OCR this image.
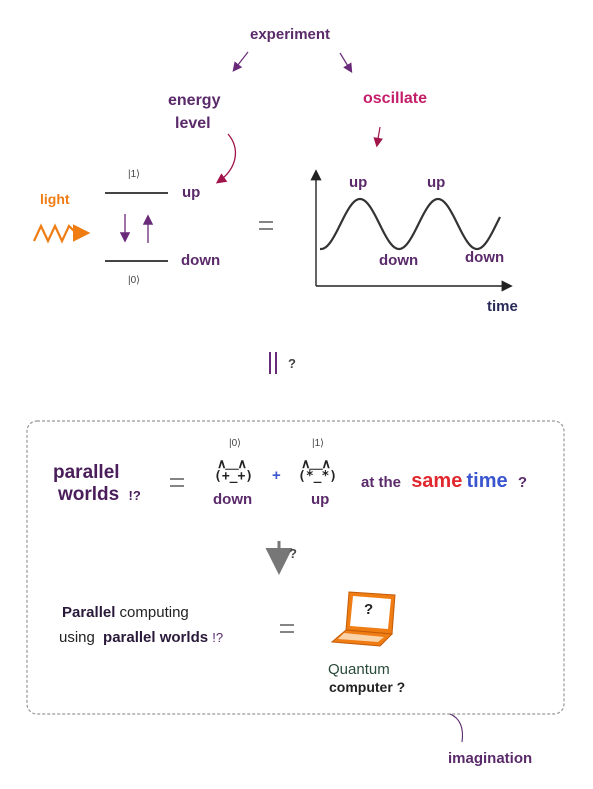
experiment
energy
level
oscillate
light
|1⟩
|0⟩
up
down
up	up
down	down
time
?
parallel
worlds !?
|0⟩	|1⟩
∧＿∧
(+_+) +
∧＿∧
(*_*)
down	up
at the same time ?
?
Parallel computing
using parallel worlds !?
?
Quantum
computer ?
imagination
